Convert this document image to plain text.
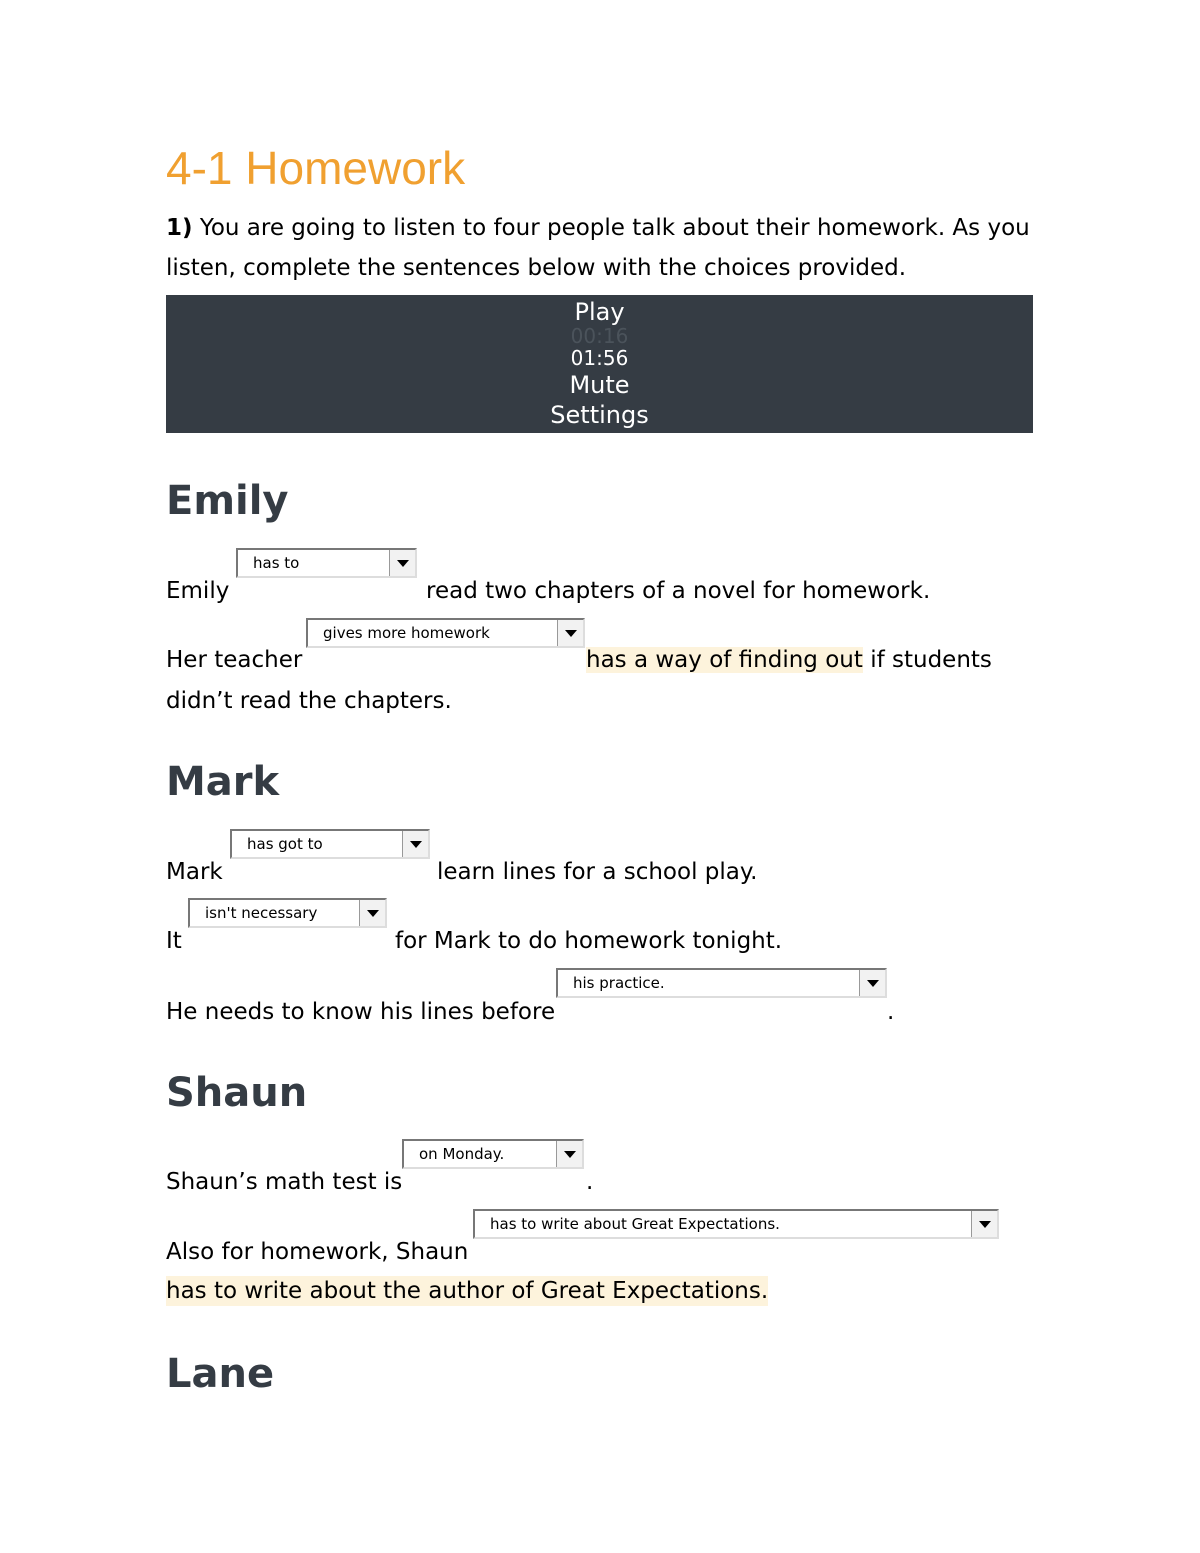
4-1 Homework

1) You are going to listen to four people talk about their homework. As you listen, complete the sentences below with the choices provided.

Play
00:16
01:56
Mute
Settings
Emily
Emily
has to
read two chapters of a novel for homework.
Her teacher
gives more homework
has a way of finding out if students
didn’t read the chapters.
Mark
Mark
has got to
learn lines for a school play.
It
isn't necessary
for Mark to do homework tonight.
He needs to know his lines before
his practice.
.
Shaun
Shaun’s math test is
on Monday.
.
Also for homework, Shaun
has to write about Great Expectations.
has to write about the author of Great Expectations.
Lane
